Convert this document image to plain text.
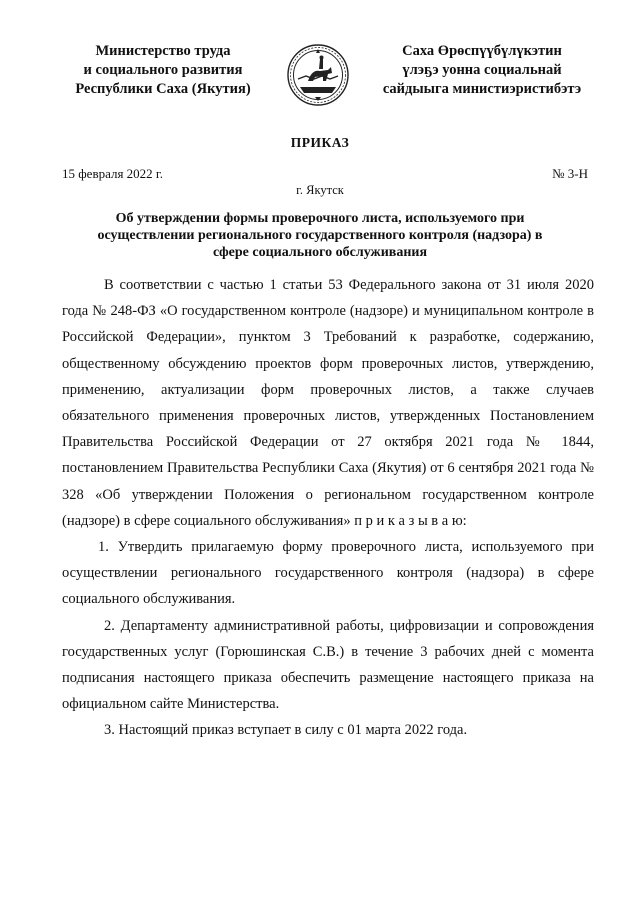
Министерство труда
и социального развития
Республики Саха (Якутия)
Саха Өрөспүүбүлүкэтин
үлэҕэ уонна социальнай
сайдыыга министиэристибэтэ
ПРИКАЗ
15 февраля 2022 г.	№ 3-Н
г. Якутск
Об утверждении формы проверочного листа, используемого при осуществлении регионального государственного контроля (надзора) в сфере социального обслуживания

В соответствии с частью 1 статьи 53 Федерального закона от 31 июля 2020 года № 248-ФЗ «О государственном контроле (надзоре) и муниципальном контроле в Российской Федерации», пунктом 3 Требований к разработке, содержанию, общественному обсуждению проектов форм проверочных листов, утверждению, применению, актуализации форм проверочных листов, а также случаев обязательного применения проверочных листов, утвержденных Постановлением Правительства Российской Федерации от 27 октября 2021 года № 1844, постановлением Правительства Республики Саха (Якутия) от 6 сентября 2021 года № 328 «Об утверждении Положения о региональном государственном контроле (надзоре) в сфере социального обслуживания» п р и к а з ы в а ю:

1. Утвердить прилагаемую форму проверочного листа, используемого при осуществлении регионального государственного контроля (надзора) в сфере социального обслуживания.

2. Департаменту административной работы, цифровизации и сопровождения государственных услуг (Горюшинская С.В.) в течение 3 рабочих дней с момента подписания настоящего приказа обеспечить размещение настоящего приказа на официальном сайте Министерства.

3. Настоящий приказ вступает в силу с 01 марта 2022 года.
